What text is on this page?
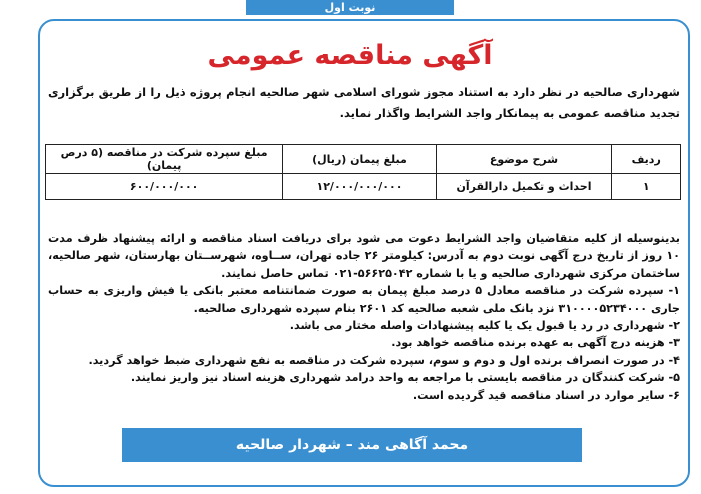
نوبت اول
آگهی مناقصه عمومی
شهرداری صالحیه در نظر دارد به استناد مجوز شورای اسلامی شهر صالحیه انجام پروژه ذیل را از طریق برگزاری تجدید مناقصه عمومی به پیمانکار واجد الشرایط واگذار نماید.
ردیف	شرح موضوع	مبلغ پیمان (ریال)	مبلغ سپرده شرکت در مناقصه (۵ درص پیمان)
۱	احداث و تکمیل دارالقرآن	۱۲/۰۰۰/۰۰۰/۰۰۰	۶۰۰/۰۰۰/۰۰۰

بدینوسیله از کلیه متقاضیان واجد الشرایط دعوت می شود برای دریافت اسناد مناقصه و ارائه پیشنهاد ظرف مدت ۱۰ روز از تاریخ درج آگهی نوبت دوم به آدرس: کیلومتر ۲۶ جاده تهران، ســاوه، شهرســتان بهارستان، شهر صالحیه، ساختمان مرکزی شهرداری صالحیه و یا با شماره ۵۶۶۲۵۰۴۲-۰۲۱ تماس حاصل نمایند.

۱- سپرده شرکت در مناقصه معادل ۵ درصد مبلغ پیمان به صورت ضمانتنامه معتبر بانکی یا فیش واریزی به حساب جاری ۳۱۰۰۰۰۵۲۳۴۰۰۰ نزد بانک ملی شعبه صالحیه کد ۲۶۰۱ بنام سپرده شهرداری صالحیه.

۲- شهرداری در رد یا قبول یک یا کلیه پیشنهادات واصله مختار می باشد.

۳- هزینه درج آگهی به عهده برنده مناقصه خواهد بود.

۴- در صورت انصراف برنده اول و دوم و سوم، سپرده شرکت در مناقصه به نفع شهرداری ضبط خواهد گردید.

۵- شرکت کنندگان در مناقصه بایستی با مراجعه به واحد درامد شهرداری هزینه اسناد نیز واریز نمایند.

۶- سایر موارد در اسناد مناقصه قید گردیده است.

محمد آگاهی مند – شهردار صالحیه
